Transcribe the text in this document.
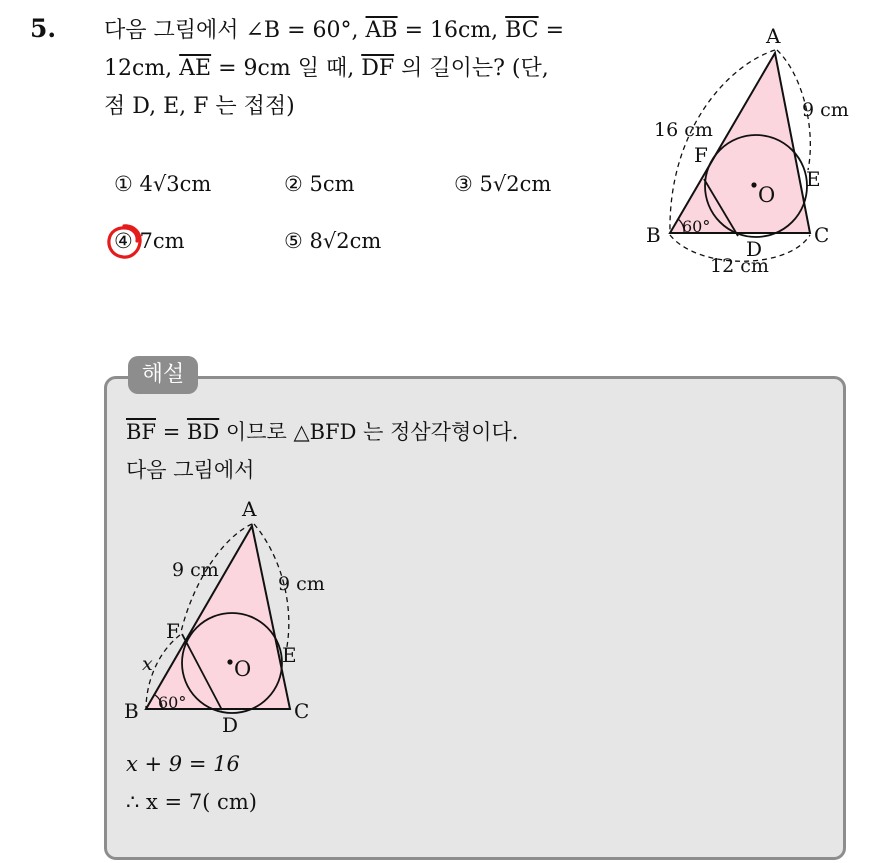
5. 다음 그림에서 ∠B = 60°, $\overline{AB} = 16cm$, $\overline{BC}$ =
12cm, $\overline{AE} = 9cm$ 일 때, $\overline{DF}$ 의 길이는? (단,
점 D, E, F 는 접점)
① 4√3cm	② 5cm	③ 5√2cm
④ 7cm	⑤ 8√2cm
A
B	C
D
E
F
O
16 cm
9 cm
12 cm
60°
해설
$\overline{BF} = \overline{BD}$ 이므로 △BFD 는 정삼각형이다.
다음 그림에서
A
B	C
D
E
F
O
9 cm
9 cm
x
60°
x + 9 = 16
∴ x = 7( cm)
